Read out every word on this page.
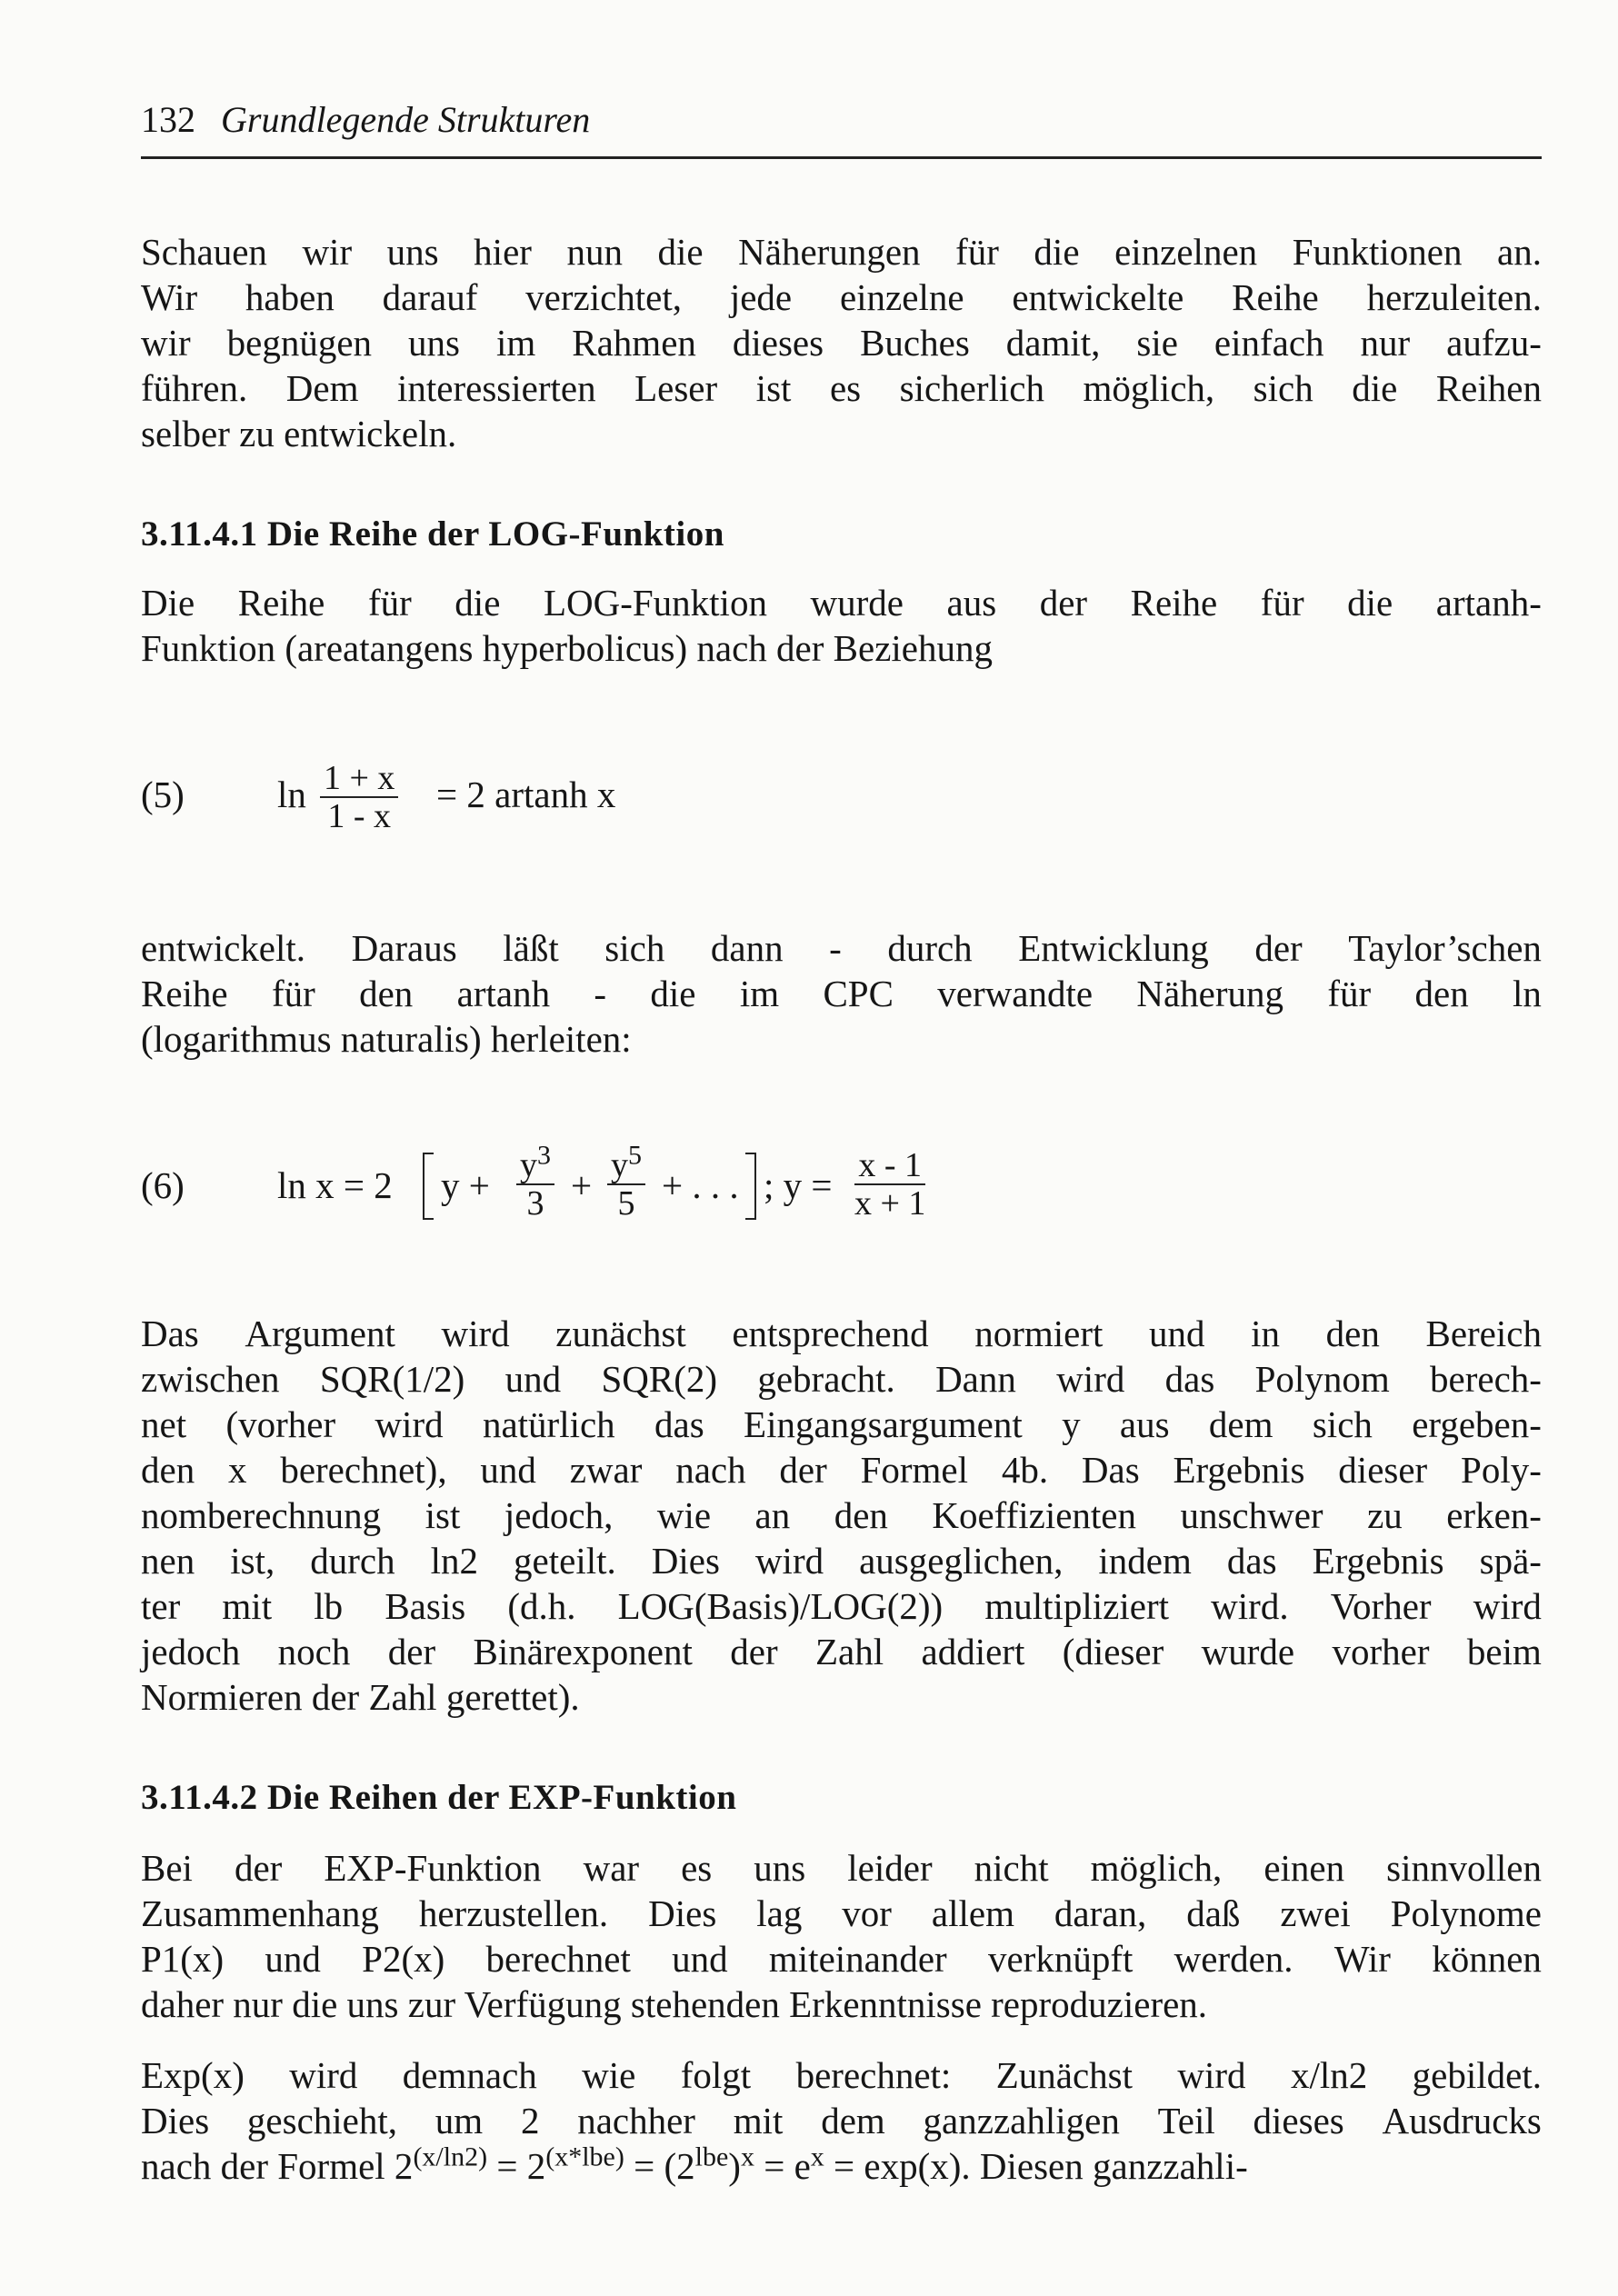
132 Grundlegende Strukturen
Schauen wir uns hier nun die Näherungen für die einzelnen Funktionen an.
Wir haben darauf verzichtet, jede einzelne entwickelte Reihe herzuleiten.
wir begnügen uns im Rahmen dieses Buches damit, sie einfach nur aufzu-
führen. Dem interessierten Leser ist es sicherlich möglich, sich die Reihen
selber zu entwickeln.
3.11.4.1 Die Reihe der LOG-Funktion
Die Reihe für die LOG-Funktion wurde aus der Reihe für die artanh-
Funktion (areatangens hyperbolicus) nach der Beziehung
(5) $\ln \frac{1 + x}{1 - x} = 2$ artanh x
entwickelt. Daraus läßt sich dann - durch Entwicklung der Taylor’schen
Reihe für den artanh - die im CPC verwandte Näherung für den ln
(logarithmus naturalis) herleiten:
(6) ln x = 2 $y + \frac{y^3}{3} + \frac{y^5}{5}$ + . . . ; $y = \frac{x - 1}{x + 1}$
Das Argument wird zunächst entsprechend normiert und in den Bereich
zwischen SQR(1/2) und SQR(2) gebracht. Dann wird das Polynom berech-
net (vorher wird natürlich das Eingangsargument y aus dem sich ergeben-
den x berechnet), und zwar nach der Formel 4b. Das Ergebnis dieser Poly-
nomberechnung ist jedoch, wie an den Koeffizienten unschwer zu erken-
nen ist, durch ln2 geteilt. Dies wird ausgeglichen, indem das Ergebnis spä-
ter mit lb Basis (d.h. LOG(Basis)/LOG(2)) multipliziert wird. Vorher wird
jedoch noch der Binärexponent der Zahl addiert (dieser wurde vorher beim
Normieren der Zahl gerettet).
3.11.4.2 Die Reihen der EXP-Funktion
Bei der EXP-Funktion war es uns leider nicht möglich, einen sinnvollen
Zusammenhang herzustellen. Dies lag vor allem daran, daß zwei Polynome
P1(x) und P2(x) berechnet und miteinander verknüpft werden. Wir können
daher nur die uns zur Verfügung stehenden Erkenntnisse reproduzieren.
Exp(x) wird demnach wie folgt berechnet: Zunächst wird x/ln2 gebildet.
Dies geschieht, um 2 nachher mit dem ganzzahligen Teil dieses Ausdrucks
nach der Formel $2^{(x/ln2)} = 2^{(x*lbe)} = (2^{lbe})^x = e^x = \exp(x)$. Diesen ganzzahli-
